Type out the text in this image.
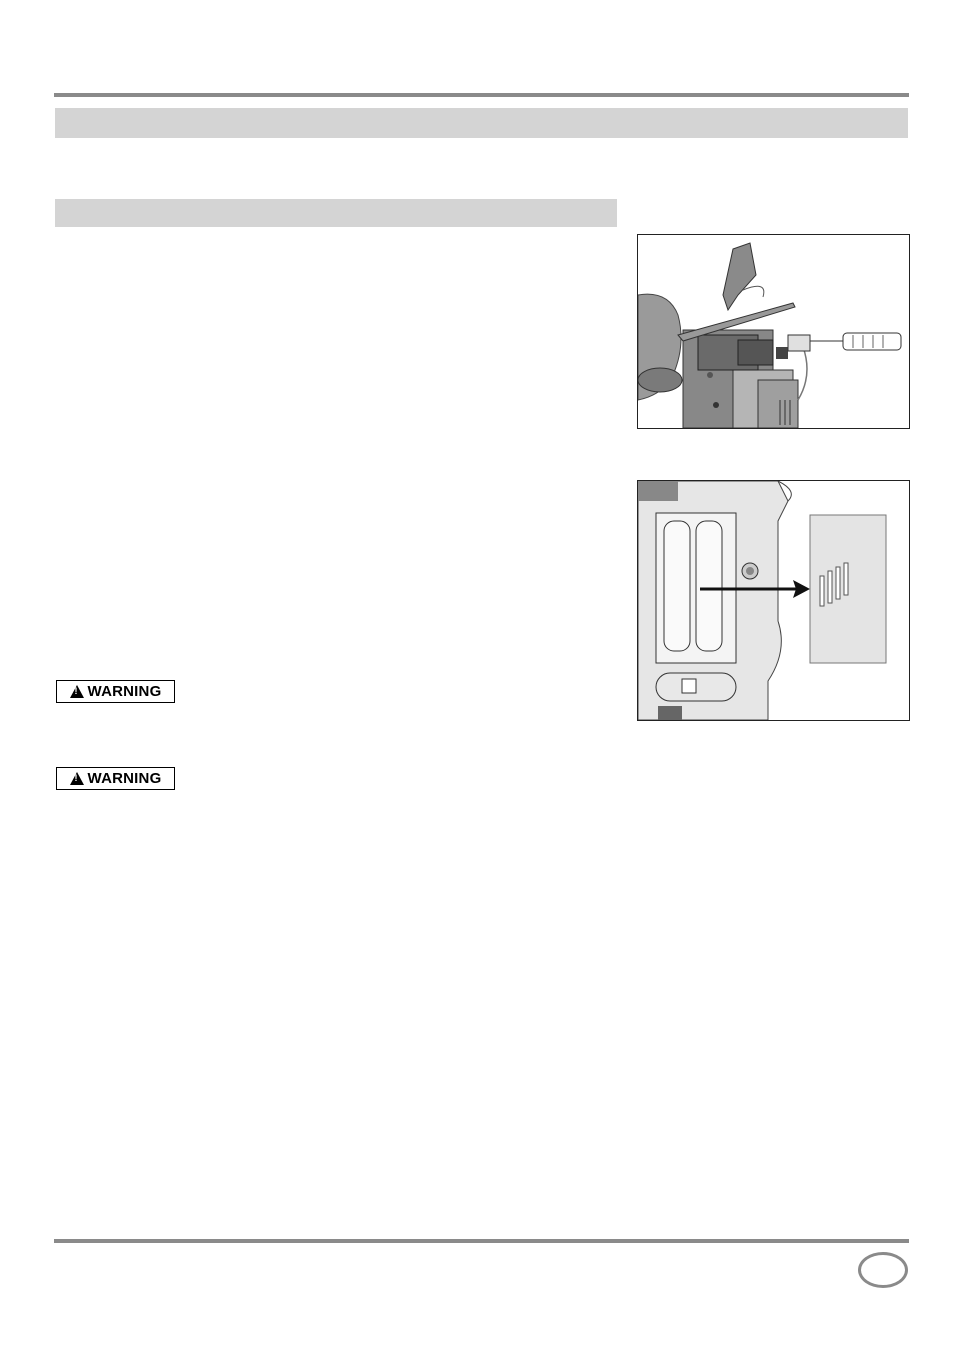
!
WARNING
!
WARNING
